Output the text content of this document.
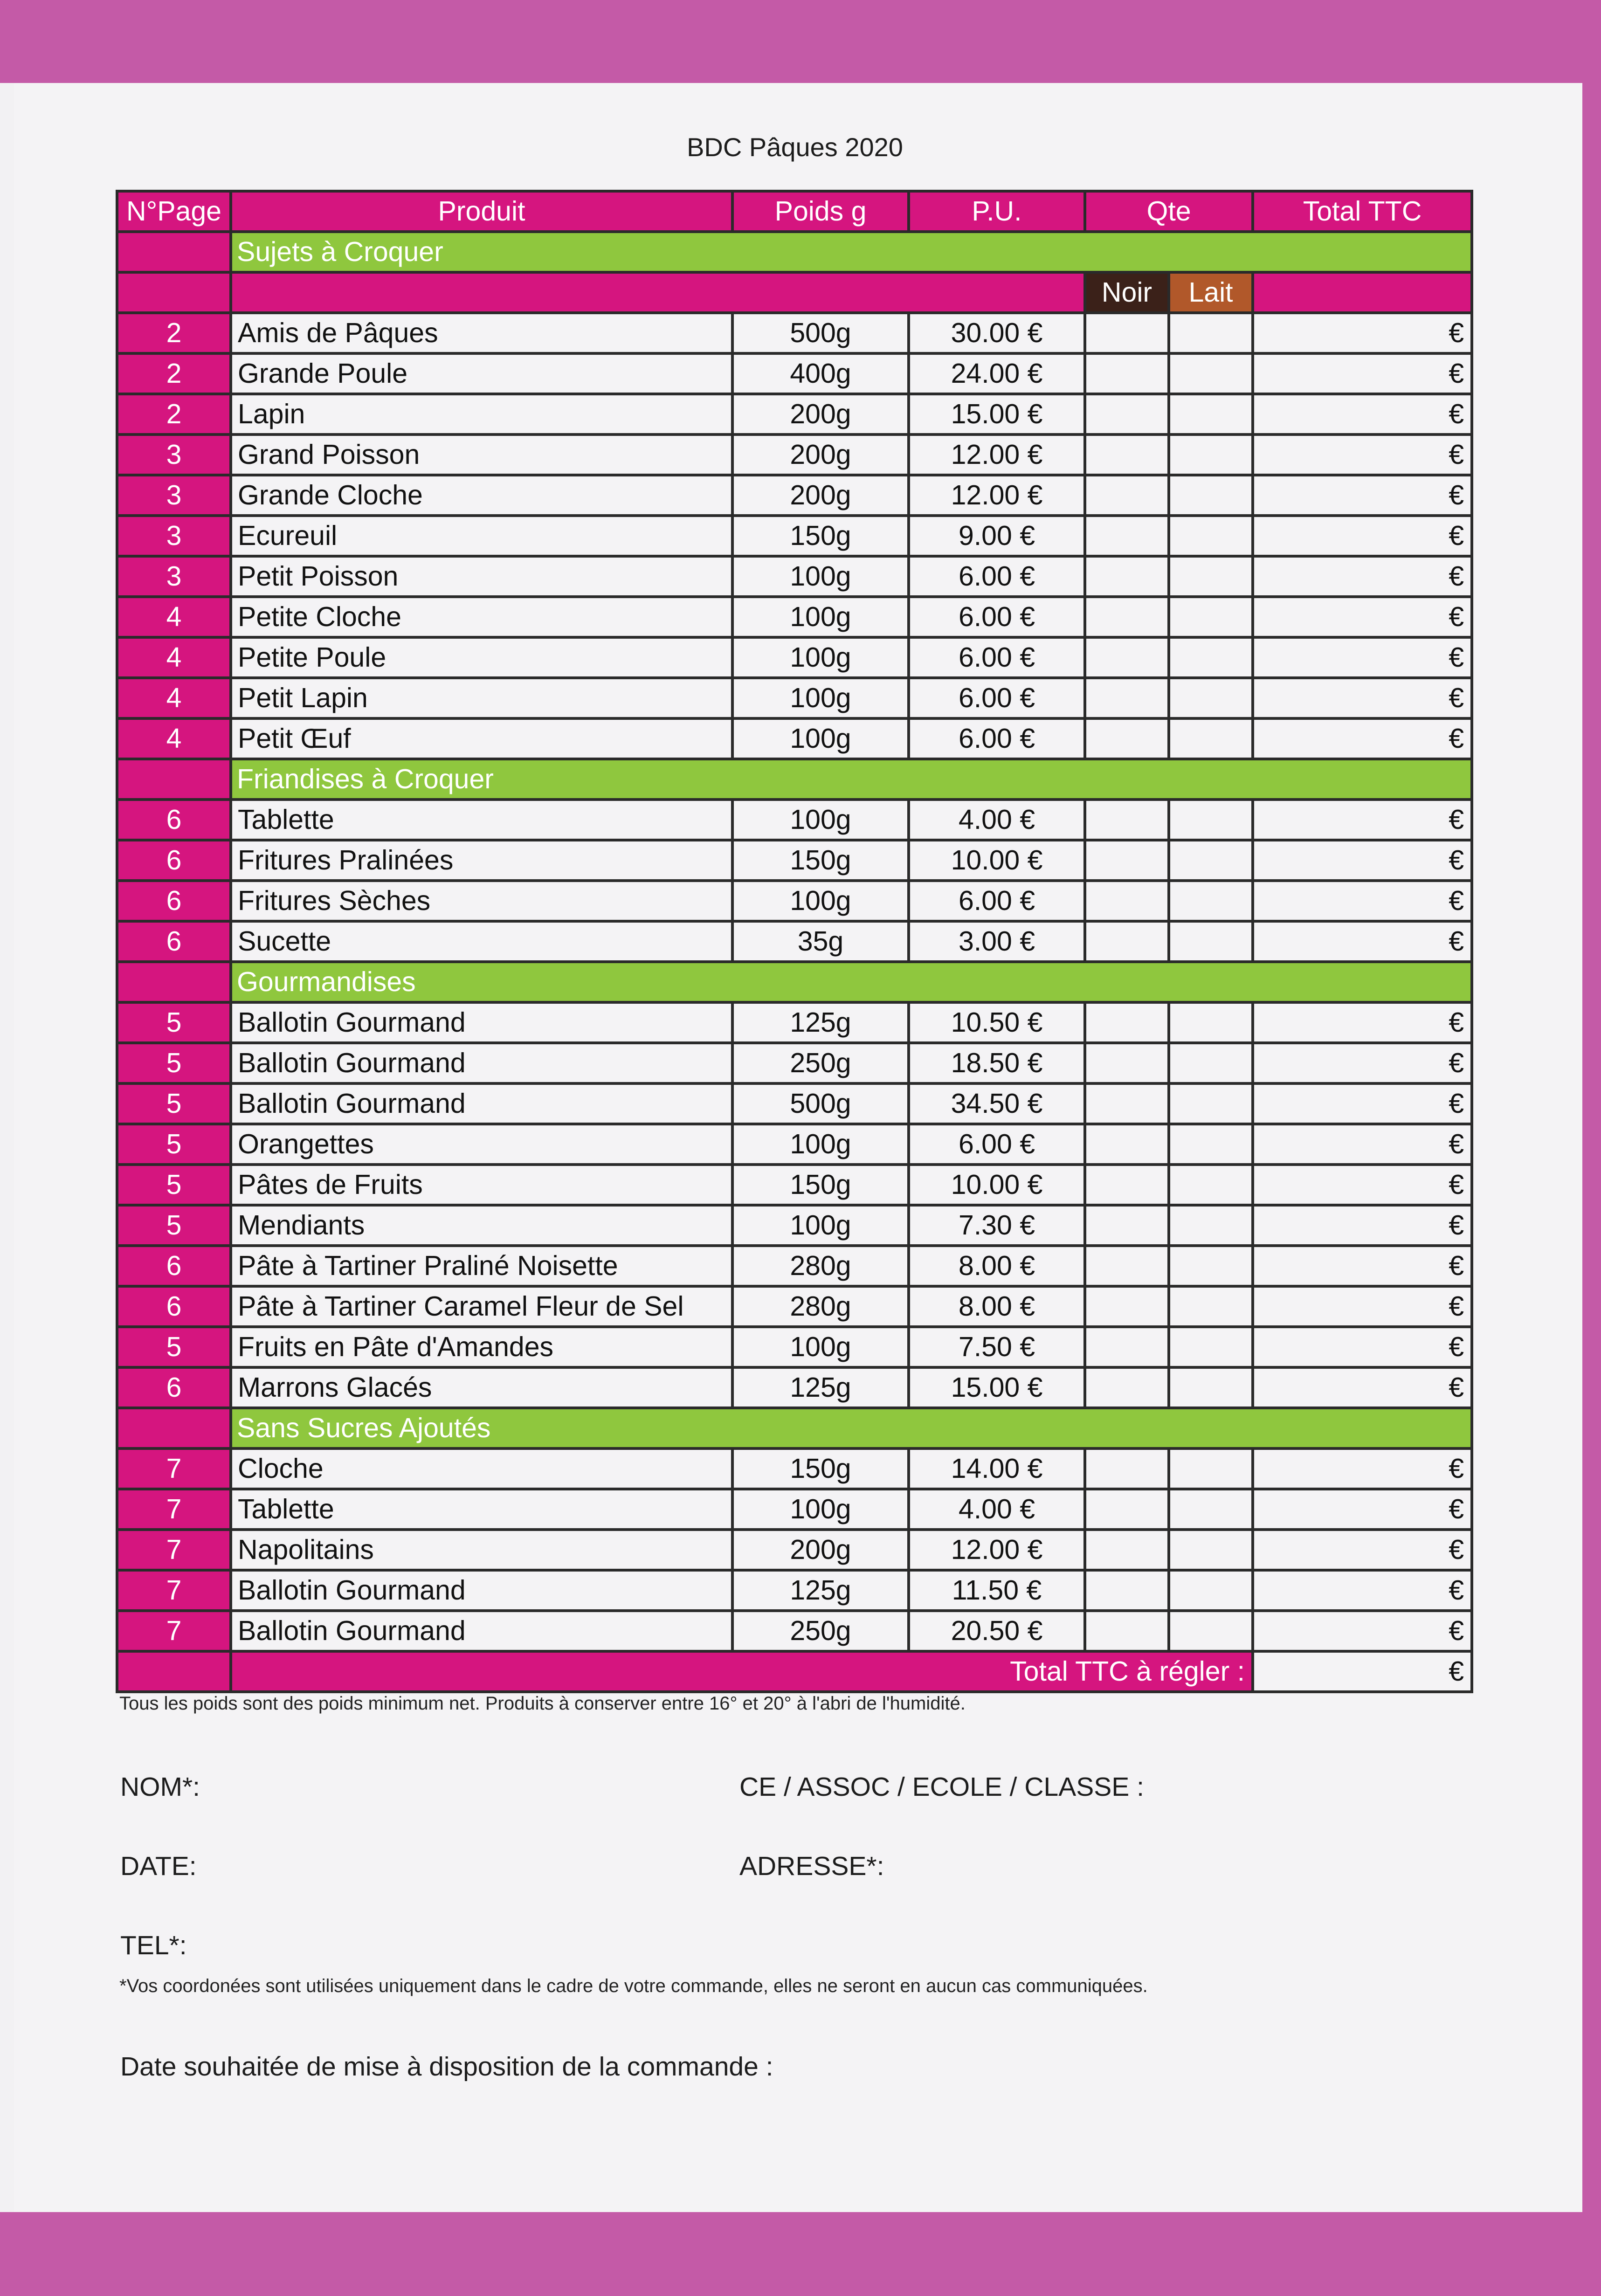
BDC Pâques 2020
N°Page	Produit	Poids g	P.U.	Qte		Total TTC
	Sujets à Croquer					
				Noir	Lait	
2	Amis de Pâques	500g	30.00 €			€
2	Grande Poule	400g	24.00 €			€
2	Lapin	200g	15.00 €			€
3	Grand Poisson	200g	12.00 €			€
3	Grande Cloche	200g	12.00 €			€
3	Ecureuil	150g	9.00 €			€
3	Petit Poisson	100g	6.00 €			€
4	Petite Cloche	100g	6.00 €			€
4	Petite Poule	100g	6.00 €			€
4	Petit Lapin	100g	6.00 €			€
4	Petit Œuf	100g	6.00 €			€
	Friandises à Croquer					
6	Tablette	100g	4.00 €			€
6	Fritures Pralinées	150g	10.00 €			€
6	Fritures Sèches	100g	6.00 €			€
6	Sucette	35g	3.00 €			€
	Gourmandises					
5	Ballotin Gourmand	125g	10.50 €			€
5	Ballotin Gourmand	250g	18.50 €			€
5	Ballotin Gourmand	500g	34.50 €			€
5	Orangettes	100g	6.00 €			€
5	Pâtes de Fruits	150g	10.00 €			€
5	Mendiants	100g	7.30 €			€
6	Pâte à Tartiner Praliné Noisette	280g	8.00 €			€
6	Pâte à Tartiner Caramel Fleur de Sel	280g	8.00 €			€
5	Fruits en Pâte d'Amandes	100g	7.50 €			€
6	Marrons Glacés	125g	15.00 €			€
	Sans Sucres Ajoutés					
7	Cloche	150g	14.00 €			€
7	Tablette	100g	4.00 €			€
7	Napolitains	200g	12.00 €			€
7	Ballotin Gourmand	125g	11.50 €			€
7	Ballotin Gourmand	250g	20.50 €			€
	Total TTC à régler :					€
Tous les poids sont des poids minimum net. Produits à conserver entre 16° et 20° à l'abri de l'humidité.
NOM*:	CE / ASSOC / ECOLE / CLASSE :
DATE:	ADRESSE*:
TEL*:
*Vos coordonées sont utilisées uniquement dans le cadre de votre commande, elles ne seront en aucun cas communiquées.
Date souhaitée de mise à disposition de la commande :
